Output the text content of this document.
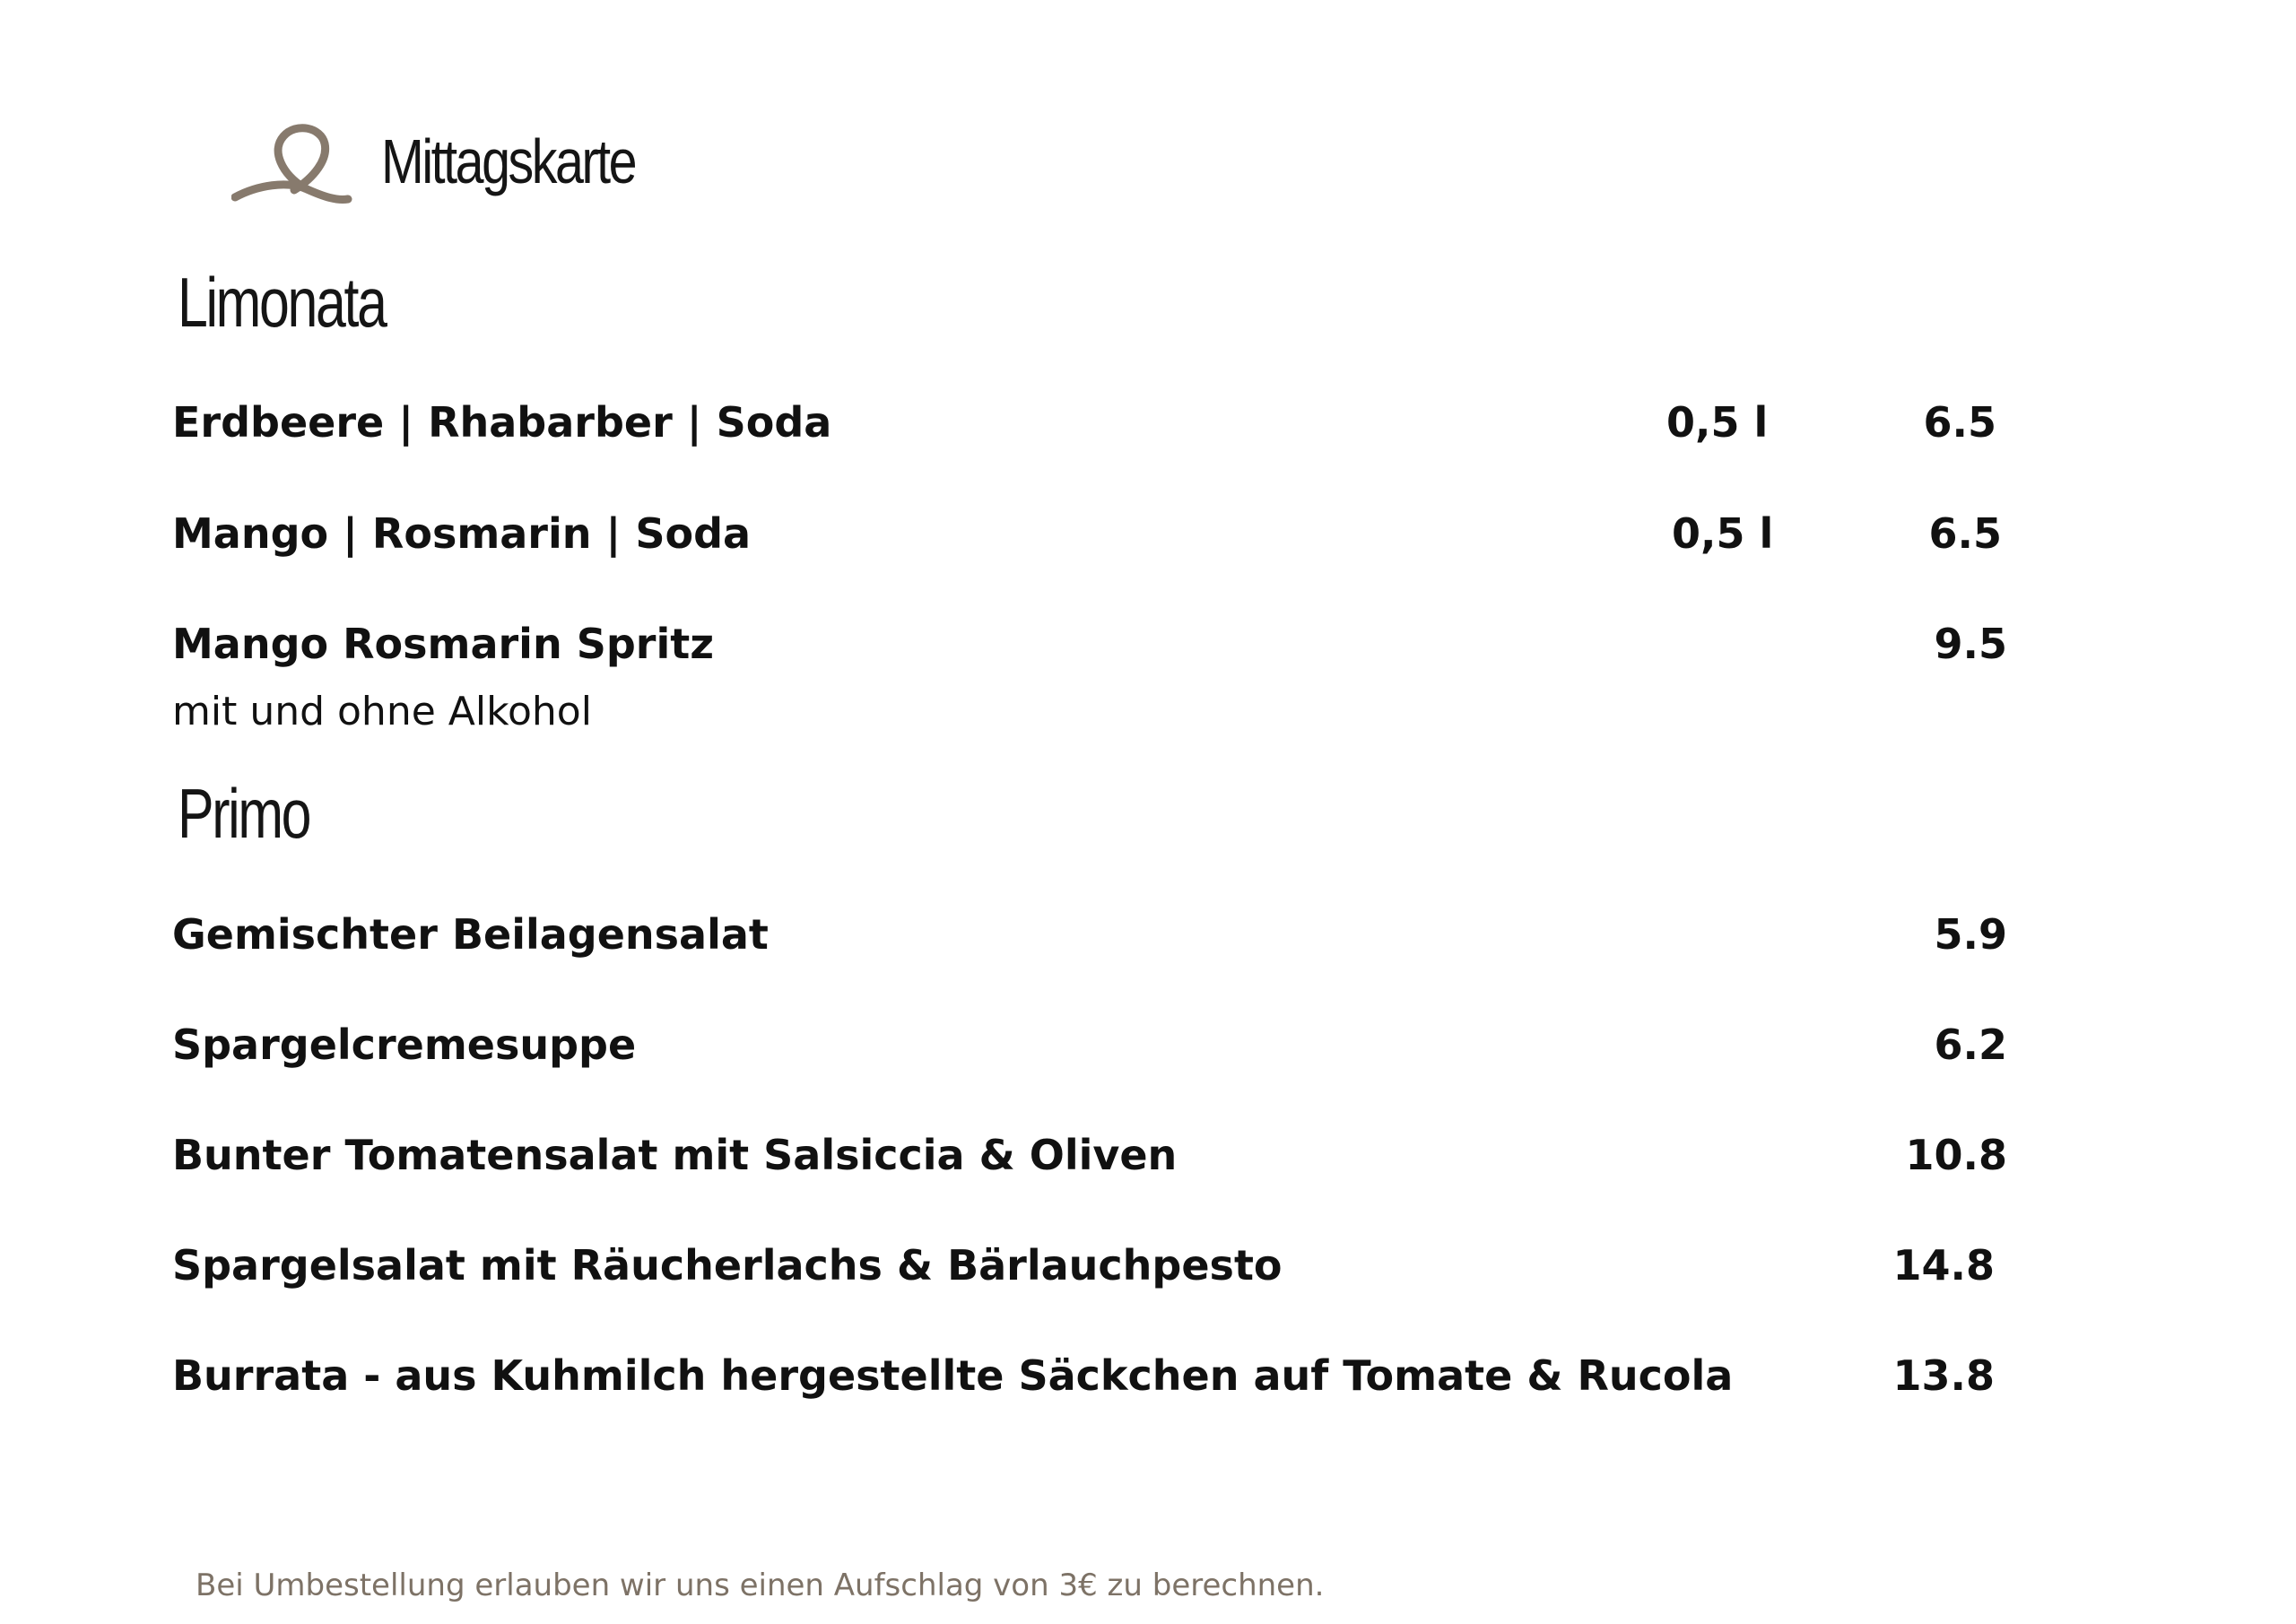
Mittagskarte
Limonata
Erdbeere | Rhabarber | Soda	0,5 l	6.5
Mango | Rosmarin | Soda	0,5 l	6.5
Mango Rosmarin Spritz	9.5
mit und ohne Alkohol
Primo
Gemischter Beilagensalat	5.9
Spargelcremesuppe	6.2
Bunter Tomatensalat mit Salsiccia & Oliven	10.8
Spargelsalat mit Räucherlachs & Bärlauchpesto	14.8
Burrata - aus Kuhmilch hergestellte Säckchen auf Tomate & Rucola	13.8
Bei Umbestellung erlauben wir uns einen Aufschlag von 3€ zu berechnen.
